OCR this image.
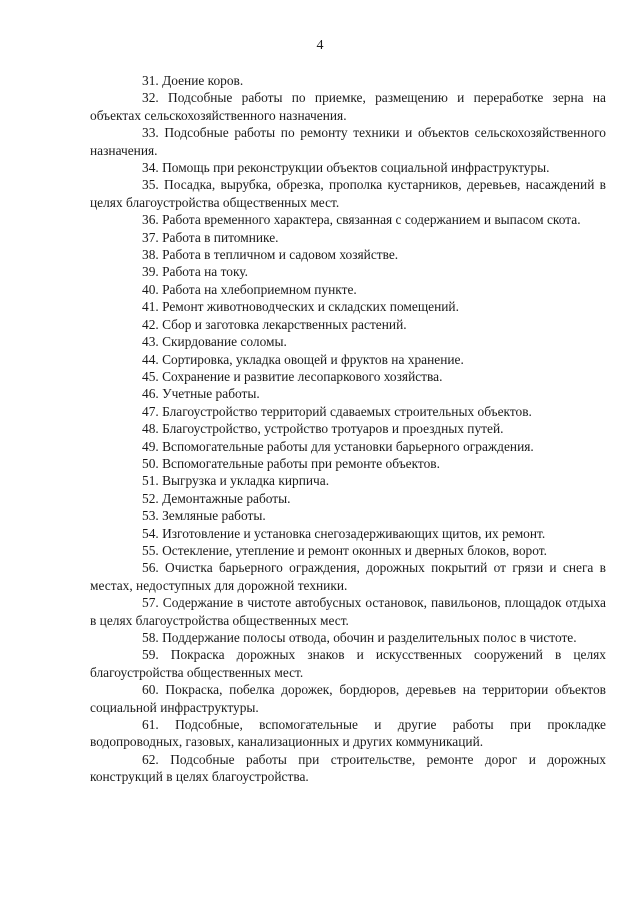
4

31. Доение коров.

32. Подсобные работы по приемке, размещению и переработке зерна на объектах сельскохозяйственного назначения.

33. Подсобные работы по ремонту техники и объектов сельскохозяйственного назначения.

34. Помощь при реконструкции объектов социальной инфраструктуры.

35. Посадка, вырубка, обрезка, прополка кустарников, деревьев, насаждений в целях благоустройства общественных мест.

36. Работа временного характера, связанная с содержанием и выпасом скота.

37. Работа в питомнике.

38. Работа в тепличном и садовом хозяйстве.

39. Работа на току.

40. Работа на хлебоприемном пункте.

41. Ремонт животноводческих и складских помещений.

42. Сбор и заготовка лекарственных растений.

43. Скирдование соломы.

44. Сортировка, укладка овощей и фруктов на хранение.

45. Сохранение и развитие лесопаркового хозяйства.

46. Учетные работы.

47. Благоустройство территорий сдаваемых строительных объектов.

48. Благоустройство, устройство тротуаров и проездных путей.

49. Вспомогательные работы для установки барьерного ограждения.

50. Вспомогательные работы при ремонте объектов.

51. Выгрузка и укладка кирпича.

52. Демонтажные работы.

53. Земляные работы.

54. Изготовление и установка снегозадерживающих щитов, их ремонт.

55. Остекление, утепление и ремонт оконных и дверных блоков, ворот.

56. Очистка барьерного ограждения, дорожных покрытий от грязи и снега в местах, недоступных для дорожной техники.

57. Содержание в чистоте автобусных остановок, павильонов, площадок отдыха в целях благоустройства общественных мест.

58. Поддержание полосы отвода, обочин и разделительных полос в чистоте.

59. Покраска дорожных знаков и искусственных сооружений в целях благоустройства общественных мест.

60. Покраска, побелка дорожек, бордюров, деревьев на территории объектов социальной инфраструктуры.

61. Подсобные, вспомогательные и другие работы при прокладке водопроводных, газовых, канализационных и других коммуникаций.

62. Подсобные работы при строительстве, ремонте дорог и дорожных конструкций в целях благоустройства.
